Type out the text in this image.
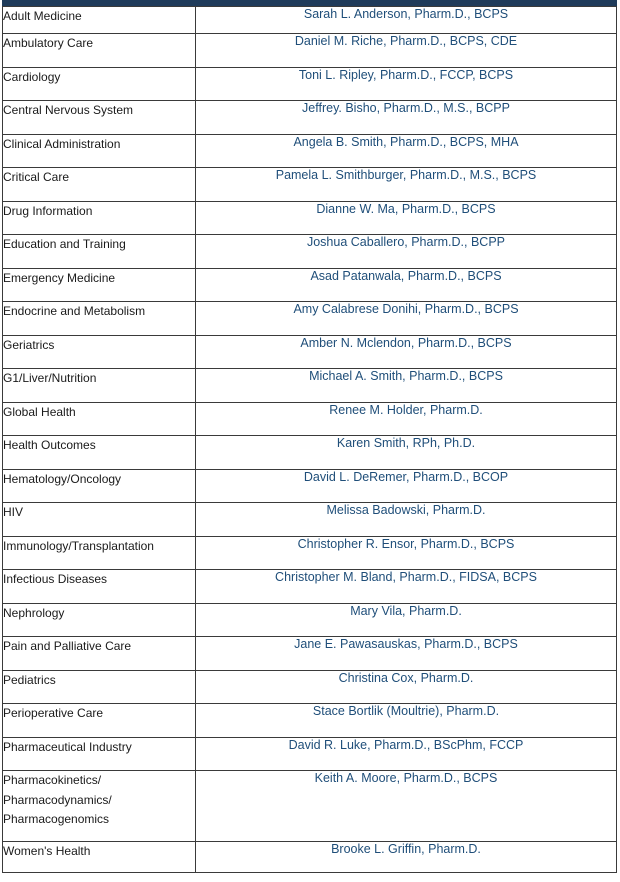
Adult Medicine	Sarah L. Anderson, Pharm.D., BCPS
Ambulatory Care	Daniel M. Riche, Pharm.D., BCPS, CDE
Cardiology	Toni L. Ripley, Pharm.D., FCCP, BCPS
Central Nervous System	Jeffrey. Bisho, Pharm.D., M.S., BCPP
Clinical Administration	Angela B. Smith, Pharm.D., BCPS, MHA
Critical Care	Pamela L. Smithburger, Pharm.D., M.S., BCPS
Drug Information	Dianne W. Ma, Pharm.D., BCPS
Education and Training	Joshua Caballero, Pharm.D., BCPP
Emergency Medicine	Asad Patanwala, Pharm.D., BCPS
Endocrine and Metabolism	Amy Calabrese Donihi, Pharm.D., BCPS
Geriatrics	Amber N. Mclendon, Pharm.D., BCPS
G1/Liver/Nutrition	Michael A. Smith, Pharm.D., BCPS
Global Health	Renee M. Holder, Pharm.D.
Health Outcomes	Karen Smith, RPh, Ph.D.
Hematology/Oncology	David L. DeRemer, Pharm.D., BCOP
HIV	Melissa Badowski, Pharm.D.
Immunology/Transplantation	Christopher R. Ensor, Pharm.D., BCPS
Infectious Diseases	Christopher M. Bland, Pharm.D., FIDSA, BCPS
Nephrology	Mary Vila, Pharm.D.
Pain and Palliative Care	Jane E. Pawasauskas, Pharm.D., BCPS
Pediatrics	Christina Cox, Pharm.D.
Perioperative Care	Stace Bortlik (Moultrie), Pharm.D.
Pharmaceutical Industry	David R. Luke, Pharm.D., BScPhm, FCCP

Pharmacokinetics/
Pharmacodynamics/
Pharmacogenomics	Keith A. Moore, Pharm.D., BCPS
Women's Health	Brooke L. Griffin, Pharm.D.
